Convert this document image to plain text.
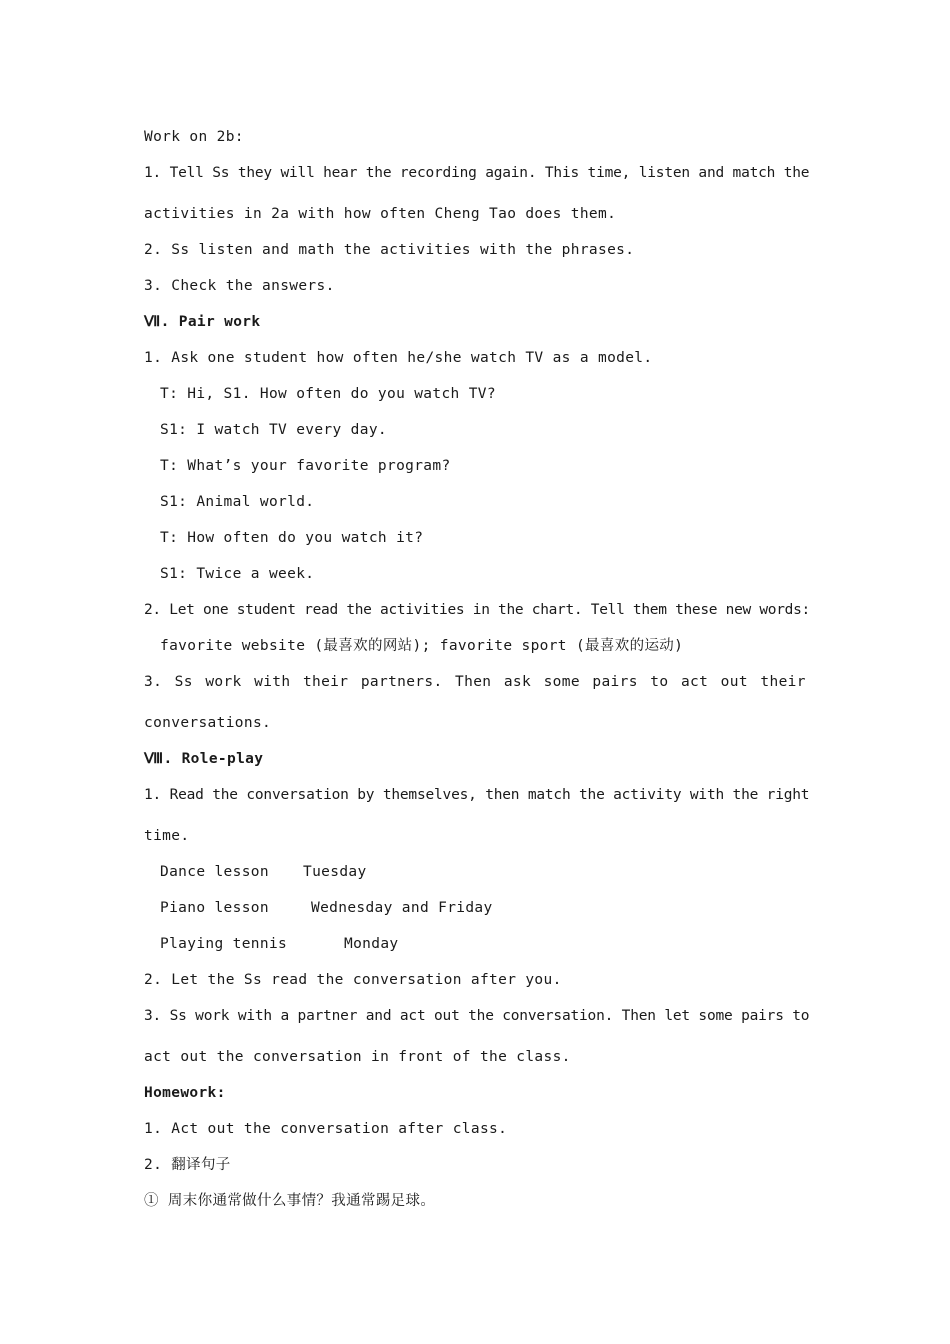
Work on 2b:
1. Tell Ss they will hear the recording again. This time, listen and match the
activities in 2a with how often Cheng Tao does them.
2. Ss listen and math the activities with the phrases.
3. Check the answers.
Ⅶ. Pair work
1. Ask one student how often he/she watch TV as a model.
T: Hi, S1. How often do you watch TV?
S1: I watch TV every day.
T: What’s your favorite program?
S1: Animal world.
T: How often do you watch it?
S1: Twice a week.
2. Let one student read the activities in the chart. Tell them these new words:
favorite website (最喜欢的网站); favorite sport (最喜欢的运动)
3. Ss work with their partners. Then ask some pairs to act out their
conversations.
Ⅷ. Role-play
1. Read the conversation by themselves, then match the activity with the right
time.
Dance lesson Tuesday
Piano lesson	Wednesday and Friday
Playing tennis	Monday
2. Let the Ss read the conversation after you.
3. Ss work with a partner and act out the conversation. Then let some pairs to
act out the conversation in front of the class.
Homework:
1. Act out the conversation after class.
2. 翻译句子
① 周末你通常做什么事情？我通常踢足球。
